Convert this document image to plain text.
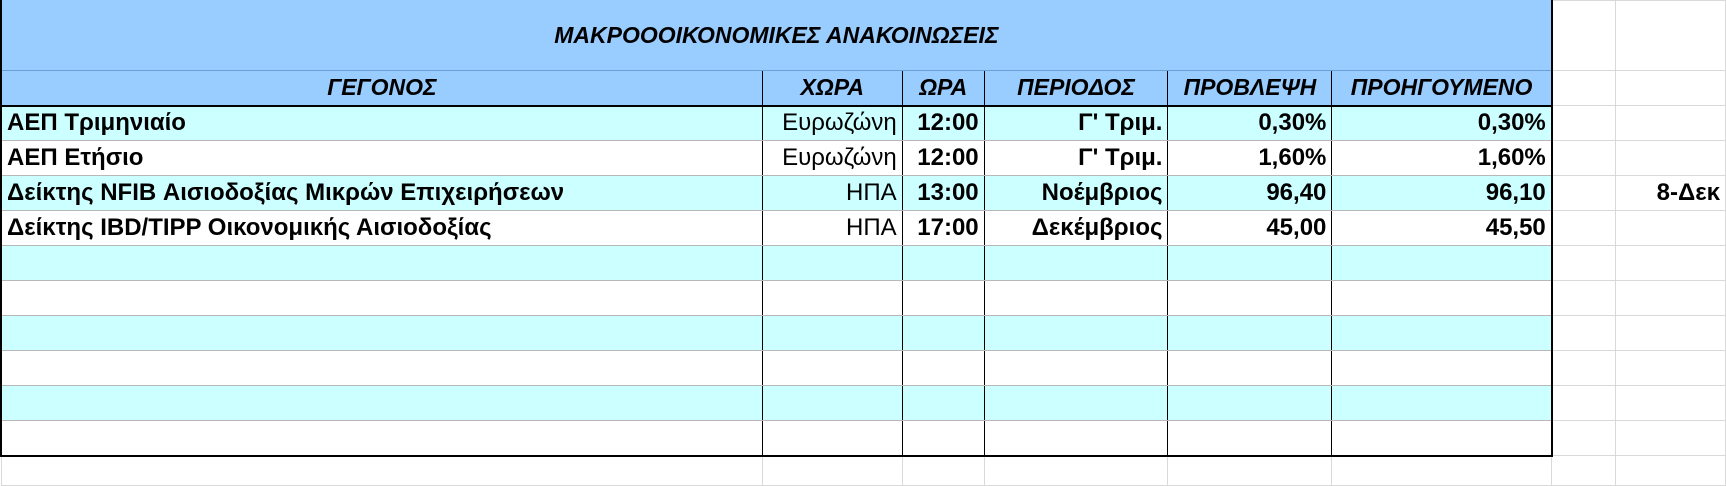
ΜΑΚΡΟΟΟΙΚΟΝΟΜΙΚΕΣ ΑΝΑΚΟΙΝΩΣΕΙΣ							
ΓΕΓΟΝΟΣ	ΧΩΡΑ	ΩΡΑ	ΠΕΡΙΟΔΟΣ	ΠΡΟΒΛΕΨΗ	ΠΡΟΗΓΟΥΜΕΝΟ		
ΑΕΠ Τριμηνιαίο	Ευρωζώνη	12:00	Γ' Τριμ.	0,30%	0,30%		
ΑΕΠ Ετήσιο	Ευρωζώνη	12:00	Γ' Τριμ.	1,60%	1,60%		
Δείκτης NFIB Αισιοδοξίας Μικρών Επιχειρήσεων	ΗΠΑ	13:00	Νοέμβριος	96,40	96,10		8-Δεκ
Δείκτης IBD/TIPP Οικονομικής Αισιοδοξίας	ΗΠΑ	17:00	Δεκέμβριος	45,00	45,50		
